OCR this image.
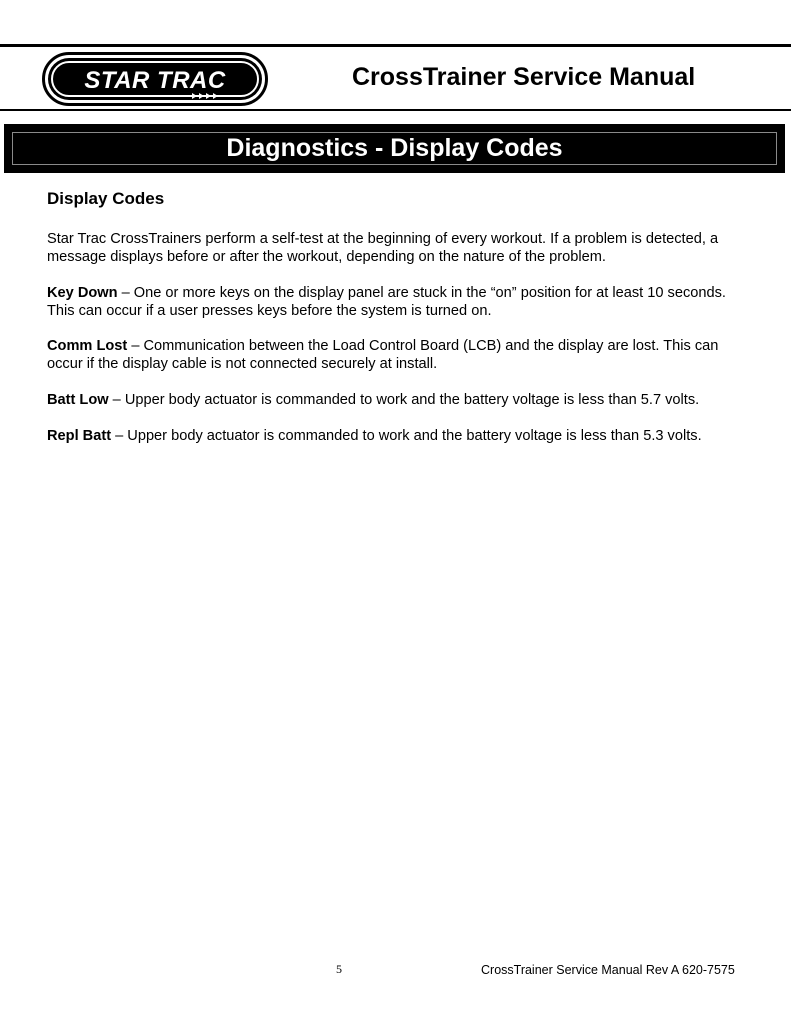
STAR TRAC	CrossTrainer Service Manual
Diagnostics - Display Codes
Display Codes
Star Trac CrossTrainers perform a self-test at the beginning of every workout. If a problem is detected, a message displays before or after the workout, depending on the nature of the problem.
Key Down – One or more keys on the display panel are stuck in the “on” position for at least 10 seconds. This can occur if a user presses keys before the system is turned on.
Comm Lost – Communication between the Load Control Board (LCB) and the display are lost. This can occur if the display cable is not connected securely at install.
Batt Low – Upper body actuator is commanded to work and the battery voltage is less than 5.7 volts.
Repl Batt – Upper body actuator is commanded to work and the battery voltage is less than 5.3 volts.
5	CrossTrainer Service Manual Rev A 620-7575
